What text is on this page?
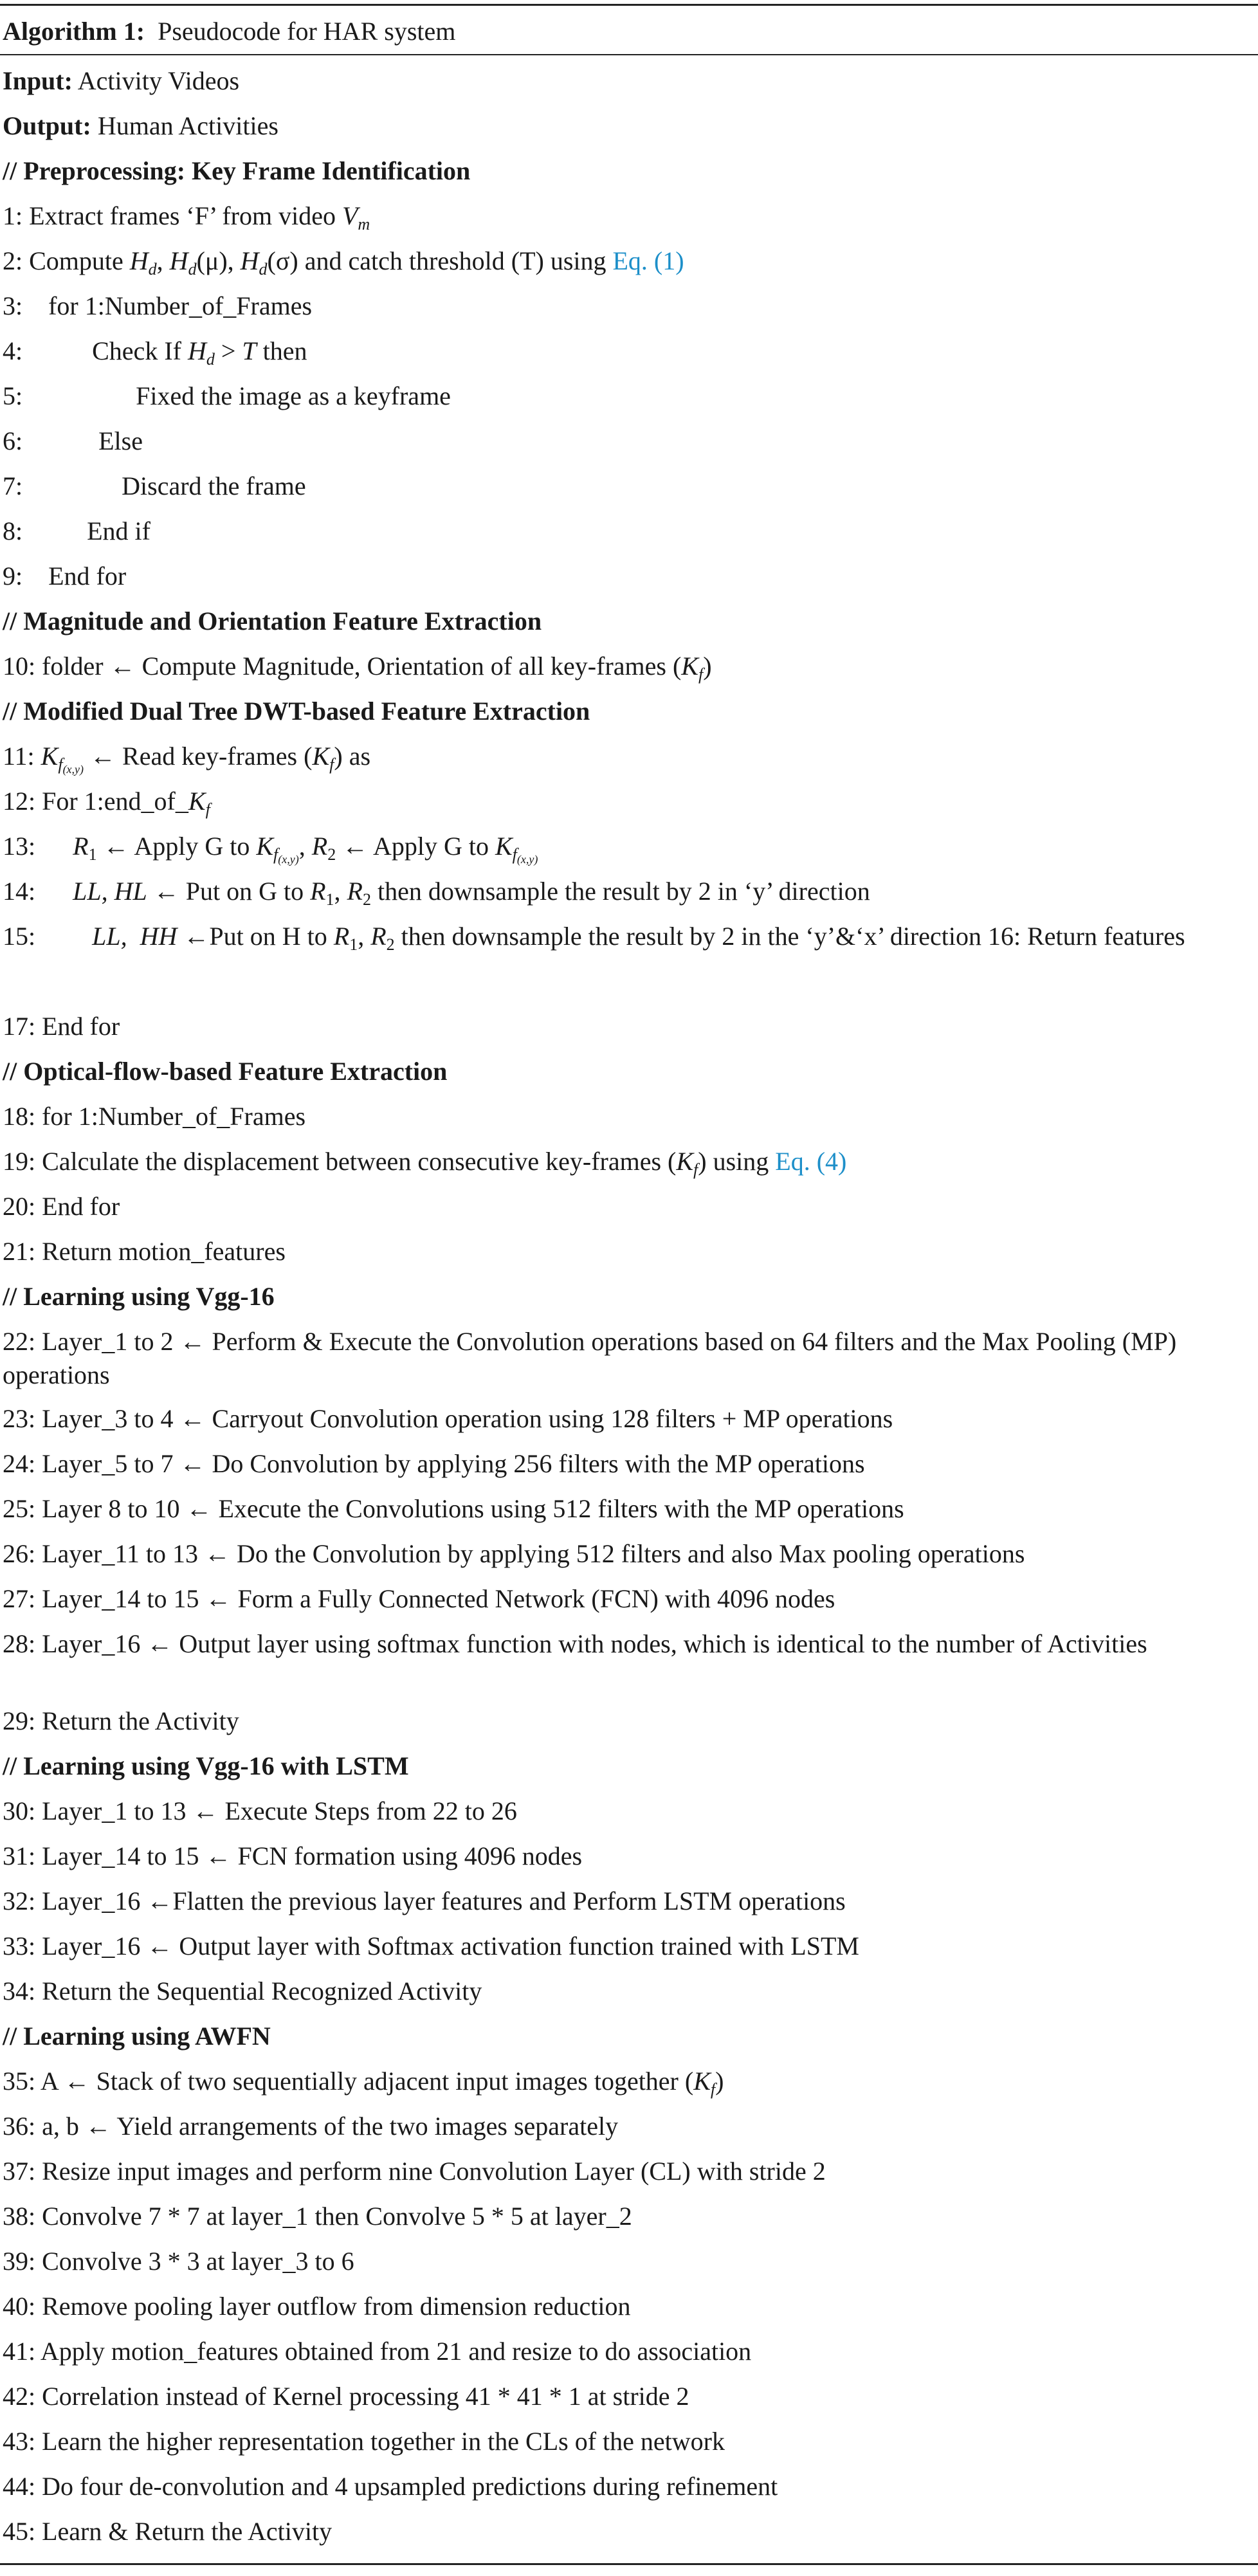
Algorithm 1: Pseudocode for HAR system
Input: Activity Videos
Output: Human Activities
// Preprocessing: Key Frame Identification
1: Extract frames ‘F’ from video $V_m$
2: Compute $H_d$, $H_d(\mu)$, $H_d(\sigma)$ and catch threshold (T) using Eq. (1)
3:    for 1:Number_of_Frames
4:	Check If $H_d > T$ then
5:	Fixed the image as a keyframe
6:	Else
7:	Discard the frame
8:	End if
9:    End for
// Magnitude and Orientation Feature Extraction
10: folder ← Compute Magnitude, Orientation of all key-frames $(K_f)$
// Modified Dual Tree DWT-based Feature Extraction
11: $K_{f_{(x,y)}}$ ← Read key-frames $(K_f)$ as
12: For $1:end\_of\_K_f$
13: $R_1$ ← Apply G to $K_{f_{(x,y)}}$, $R_2$ ← Apply G to $K_{f_{(x,y)}}$
14: LL, HL ← Put on G to $R_1$, $R_2$ then downsample the result by 2 in ‘y’ direction
15: LL,  HH ←Put on H to $R_1$, $R_2$ then downsample the result by 2 in the ‘y’&‘x’ direction 16: Return features
17: End for
// Optical-flow-based Feature Extraction
18: for 1:Number_of_Frames
19: Calculate the displacement between consecutive key-frames $(K_f)$ using Eq. (4)
20: End for
21: Return motion_features
// Learning using Vgg-16
22: Layer_1 to 2 ← Perform & Execute the Convolution operations based on 64 filters and the Max Pooling (MP) operations
23: Layer_3 to 4 ← Carryout Convolution operation using 128 filters + MP operations
24: Layer_5 to 7 ← Do Convolution by applying 256 filters with the MP operations
25: Layer 8 to 10 ← Execute the Convolutions using 512 filters with the MP operations
26: Layer_11 to 13 ← Do the Convolution by applying 512 filters and also Max pooling operations
27: Layer_14 to 15 ← Form a Fully Connected Network (FCN) with 4096 nodes
28: Layer_16 ← Output layer using softmax function with nodes, which is identical to the number of Activities
29: Return the Activity
// Learning using Vgg-16 with LSTM
30: Layer_1 to 13 ← Execute Steps from 22 to 26
31: Layer_14 to 15 ← FCN formation using 4096 nodes
32: Layer_16 ←Flatten the previous layer features and Perform LSTM operations
33: Layer_16 ← Output layer with Softmax activation function trained with LSTM
34: Return the Sequential Recognized Activity
// Learning using AWFN
35: A ← Stack of two sequentially adjacent input images together $(K_f)$
36: a, b ← Yield arrangements of the two images separately
37: Resize input images and perform nine Convolution Layer (CL) with stride 2
38: Convolve 7 * 7 at layer_1 then Convolve 5 * 5 at layer_2
39: Convolve 3 * 3 at layer_3 to 6
40: Remove pooling layer outflow from dimension reduction
41: Apply motion_features obtained from 21 and resize to do association
42: Correlation instead of Kernel processing 41 * 41 * 1 at stride 2
43: Learn the higher representation together in the CLs of the network
44: Do four de-convolution and 4 upsampled predictions during refinement
45: Learn & Return the Activity
